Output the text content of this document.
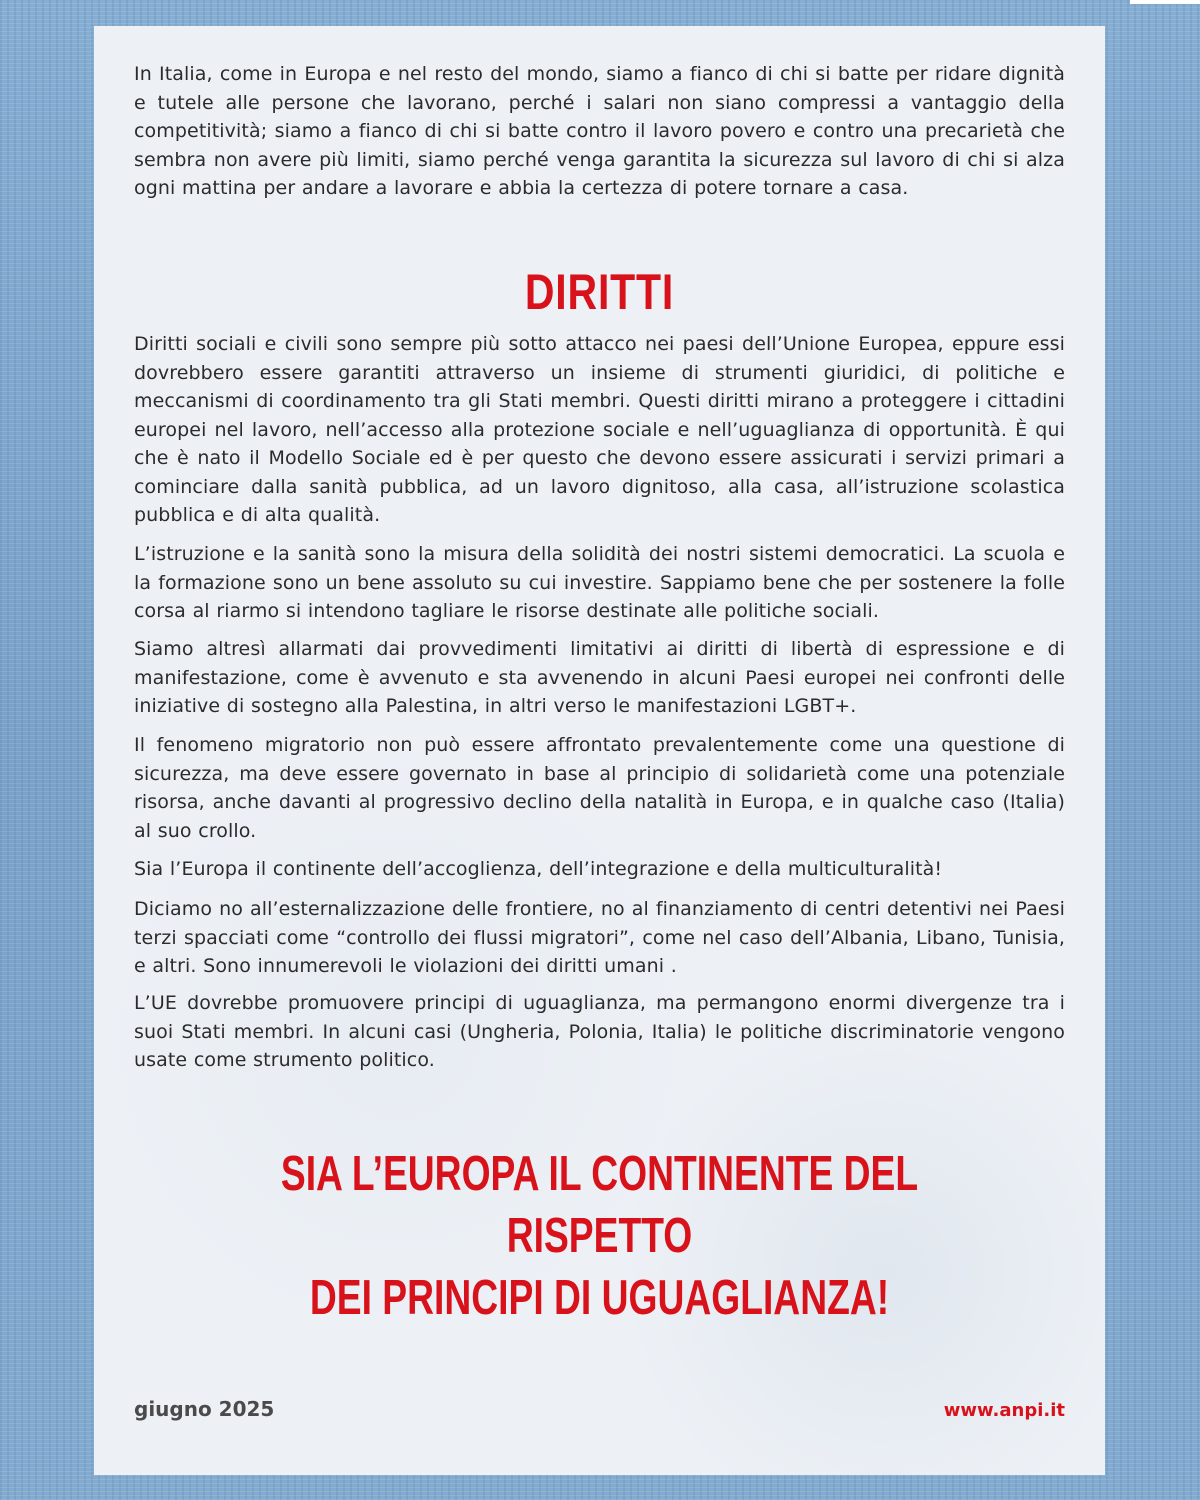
In Italia, come in Europa e nel resto del mondo, siamo a fianco di chi si batte per ridare dignità e tutele alle persone che lavorano, perché i salari non siano compressi a vantaggio della competitività; siamo a fianco di chi si batte contro il lavoro povero e contro una precarietà che sembra non avere più limiti, siamo perché venga garantita la sicurezza sul lavoro di chi si alza ogni mattina per andare a lavorare e abbia la certezza di potere tornare a casa.

DIRITTI

Diritti sociali e civili sono sempre più sotto attacco nei paesi dell’Unione Europea, eppure essi dovrebbero essere garantiti attraverso un insieme di strumenti giuridici, di politiche e meccanismi di coordinamento tra gli Stati membri. Questi diritti mirano a proteggere i cittadini europei nel lavoro, nell’accesso alla protezione sociale e nell’uguaglianza di opportunità. È qui che è nato il Modello Sociale ed è per questo che devono essere assicurati i servizi primari a cominciare dalla sanità pubblica, ad un lavoro dignitoso, alla casa, all’istruzione scolastica pubblica e di alta qualità.

L’istruzione e la sanità sono la misura della solidità dei nostri sistemi democratici. La scuola e la formazione sono un bene assoluto su cui investire. Sappiamo bene che per sostenere la folle corsa al riarmo si intendono tagliare le risorse destinate alle politiche sociali.

Siamo altresì allarmati dai provvedimenti limitativi ai diritti di libertà di espressione e di manifestazione, come è avvenuto e sta avvenendo in alcuni Paesi europei nei confronti delle iniziative di sostegno alla Palestina, in altri verso le manifestazioni LGBT+.

Il fenomeno migratorio non può essere affrontato prevalentemente come una questione di sicurezza, ma deve essere governato in base al principio di solidarietà come una potenziale risorsa, anche davanti al progressivo declino della natalità in Europa, e in qualche caso (Italia) al suo crollo.

Sia l’Europa il continente dell’accoglienza, dell’integrazione e della multiculturalità!

Diciamo no all’esternalizzazione delle frontiere, no al finanziamento di centri detentivi nei Paesi terzi spacciati come “controllo dei flussi migratori”, come nel caso dell’Albania, Libano, Tunisia, e altri. Sono innumerevoli le violazioni dei diritti umani .

L’UE dovrebbe promuovere principi di uguaglianza, ma permangono enormi divergenze tra i suoi Stati membri. In alcuni casi (Ungheria, Polonia, Italia) le politiche discriminatorie vengono usate come strumento politico.

SIA L’EUROPA IL CONTINENTE DEL RISPETTO
DEI PRINCIPI DI UGUAGLIANZA!

giugno 2025	www.anpi.it
